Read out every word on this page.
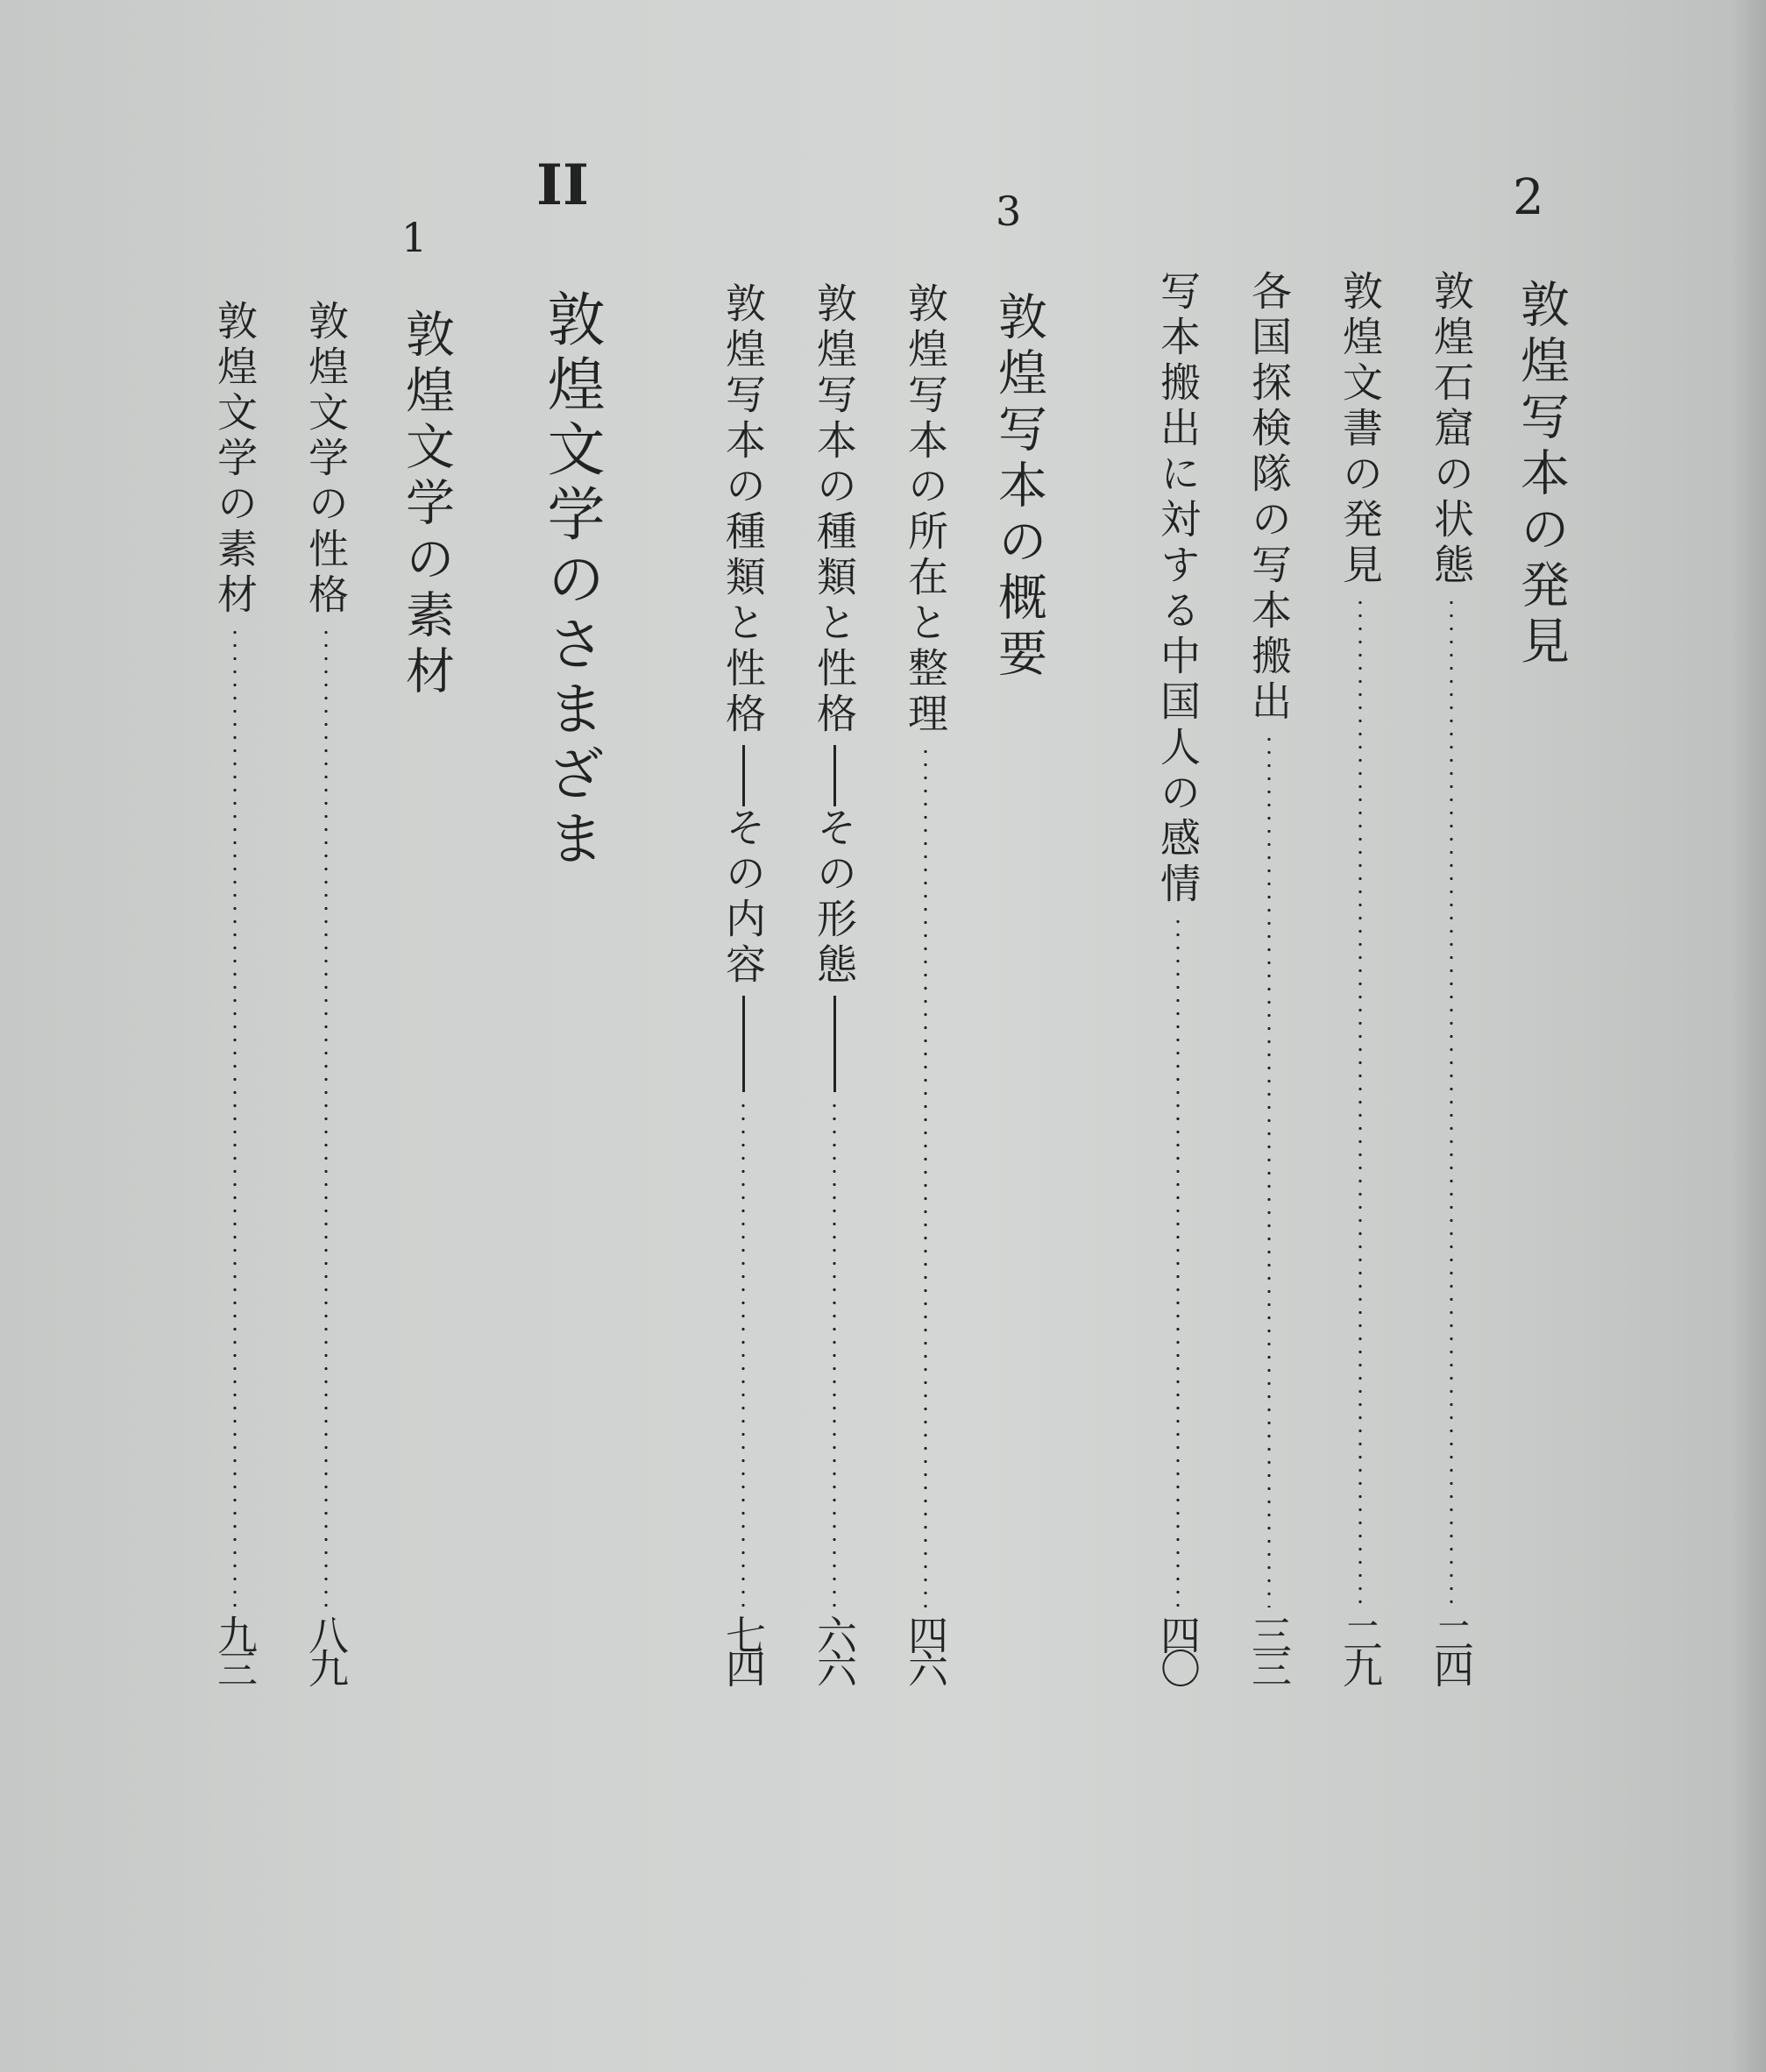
2
敦煌写本の発見
敦煌石窟の状態
二四
敦煌文書の発見
二九
各国探検隊の写本搬出
三三
写本搬出に対する中国人の感情
四〇
3
敦煌写本の概要
敦煌写本の所在と整理
四六
敦煌写本の種類と性格
その形態
六六
敦煌写本の種類と性格
その内容
七四
II
敦煌文学のさまざま
1
敦煌文学の素材
敦煌文学の性格
八九
敦煌文学の素材
九三
